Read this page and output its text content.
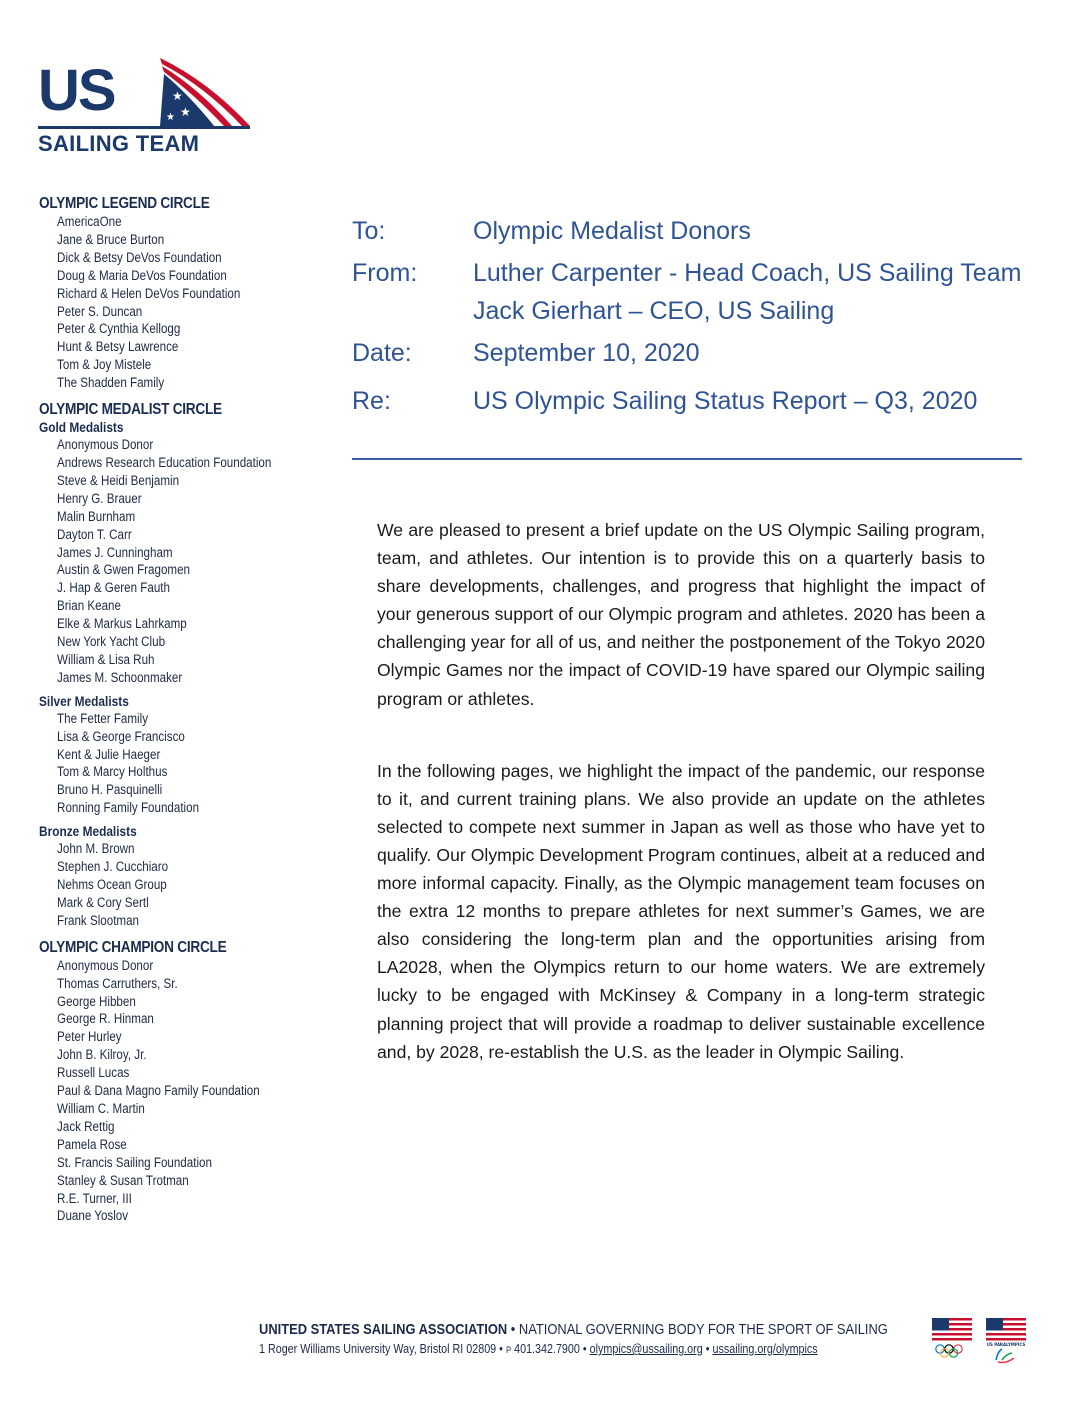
US	★
★
★
SAILING TEAM
OLYMPIC LEGEND CIRCLE
AmericaOne
Jane & Bruce Burton
Dick & Betsy DeVos Foundation
Doug & Maria DeVos Foundation
Richard & Helen DeVos Foundation
Peter S. Duncan
Peter & Cynthia Kellogg
Hunt & Betsy Lawrence
Tom & Joy Mistele
The Shadden Family
OLYMPIC MEDALIST CIRCLE
Gold Medalists
Anonymous Donor
Andrews Research Education Foundation
Steve & Heidi Benjamin
Henry G. Brauer
Malin Burnham
Dayton T. Carr
James J. Cunningham
Austin & Gwen Fragomen
J. Hap & Geren Fauth
Brian Keane
Elke & Markus Lahrkamp
New York Yacht Club
William & Lisa Ruh
James M. Schoonmaker
Silver Medalists
The Fetter Family
Lisa & George Francisco
Kent & Julie Haeger
Tom & Marcy Holthus
Bruno H. Pasquinelli
Ronning Family Foundation
Bronze Medalists
John M. Brown
Stephen J. Cucchiaro
Nehms Ocean Group
Mark & Cory Sertl
Frank Slootman
OLYMPIC CHAMPION CIRCLE
Anonymous Donor
Thomas Carruthers, Sr.
George Hibben
George R. Hinman
Peter Hurley
John B. Kilroy, Jr.
Russell Lucas
Paul & Dana Magno Family Foundation
William C. Martin
Jack Rettig
Pamela Rose
St. Francis Sailing Foundation
Stanley & Susan Trotman
R.E. Turner, III
Duane Yoslov
To:	Olympic Medalist Donors
From:	Luther Carpenter - Head Coach, US Sailing Team
Jack Gierhart – CEO, US Sailing
Date:	September 10, 2020
Re:	US Olympic Sailing Status Report – Q3, 2020

We are pleased to present a brief update on the US Olympic Sailing program, team, and athletes. Our intention is to provide this on a quarterly basis to share developments, challenges, and progress that highlight the impact of your generous support of our Olympic program and athletes. 2020 has been a challenging year for all of us, and neither the postponement of the Tokyo 2020 Olympic Games nor the impact of COVID-19 have spared our Olympic sailing program or athletes.

In the following pages, we highlight the impact of the pandemic, our response to it, and current training plans. We also provide an update on the athletes selected to compete next summer in Japan as well as those who have yet to qualify. Our Olympic Development Program continues, albeit at a reduced and more informal capacity. Finally, as the Olympic management team focuses on the extra 12 months to prepare athletes for next summer’s Games, we are also considering the long-term plan and the opportunities arising from LA2028, when the Olympics return to our home waters. We are extremely lucky to be engaged with McKinsey & Company in a long-term strategic planning project that will provide a roadmap to deliver sustainable excellence and, by 2028, re-establish the U.S. as the leader in Olympic Sailing.

UNITED STATES SAILING ASSOCIATION • NATIONAL GOVERNING BODY FOR THE SPORT OF SAILING
1 Roger Williams University Way, Bristol RI 02809 • P 401.342.7900 • olympics@ussailing.org • ussailing.org/olympics	US PARALYMPICS
